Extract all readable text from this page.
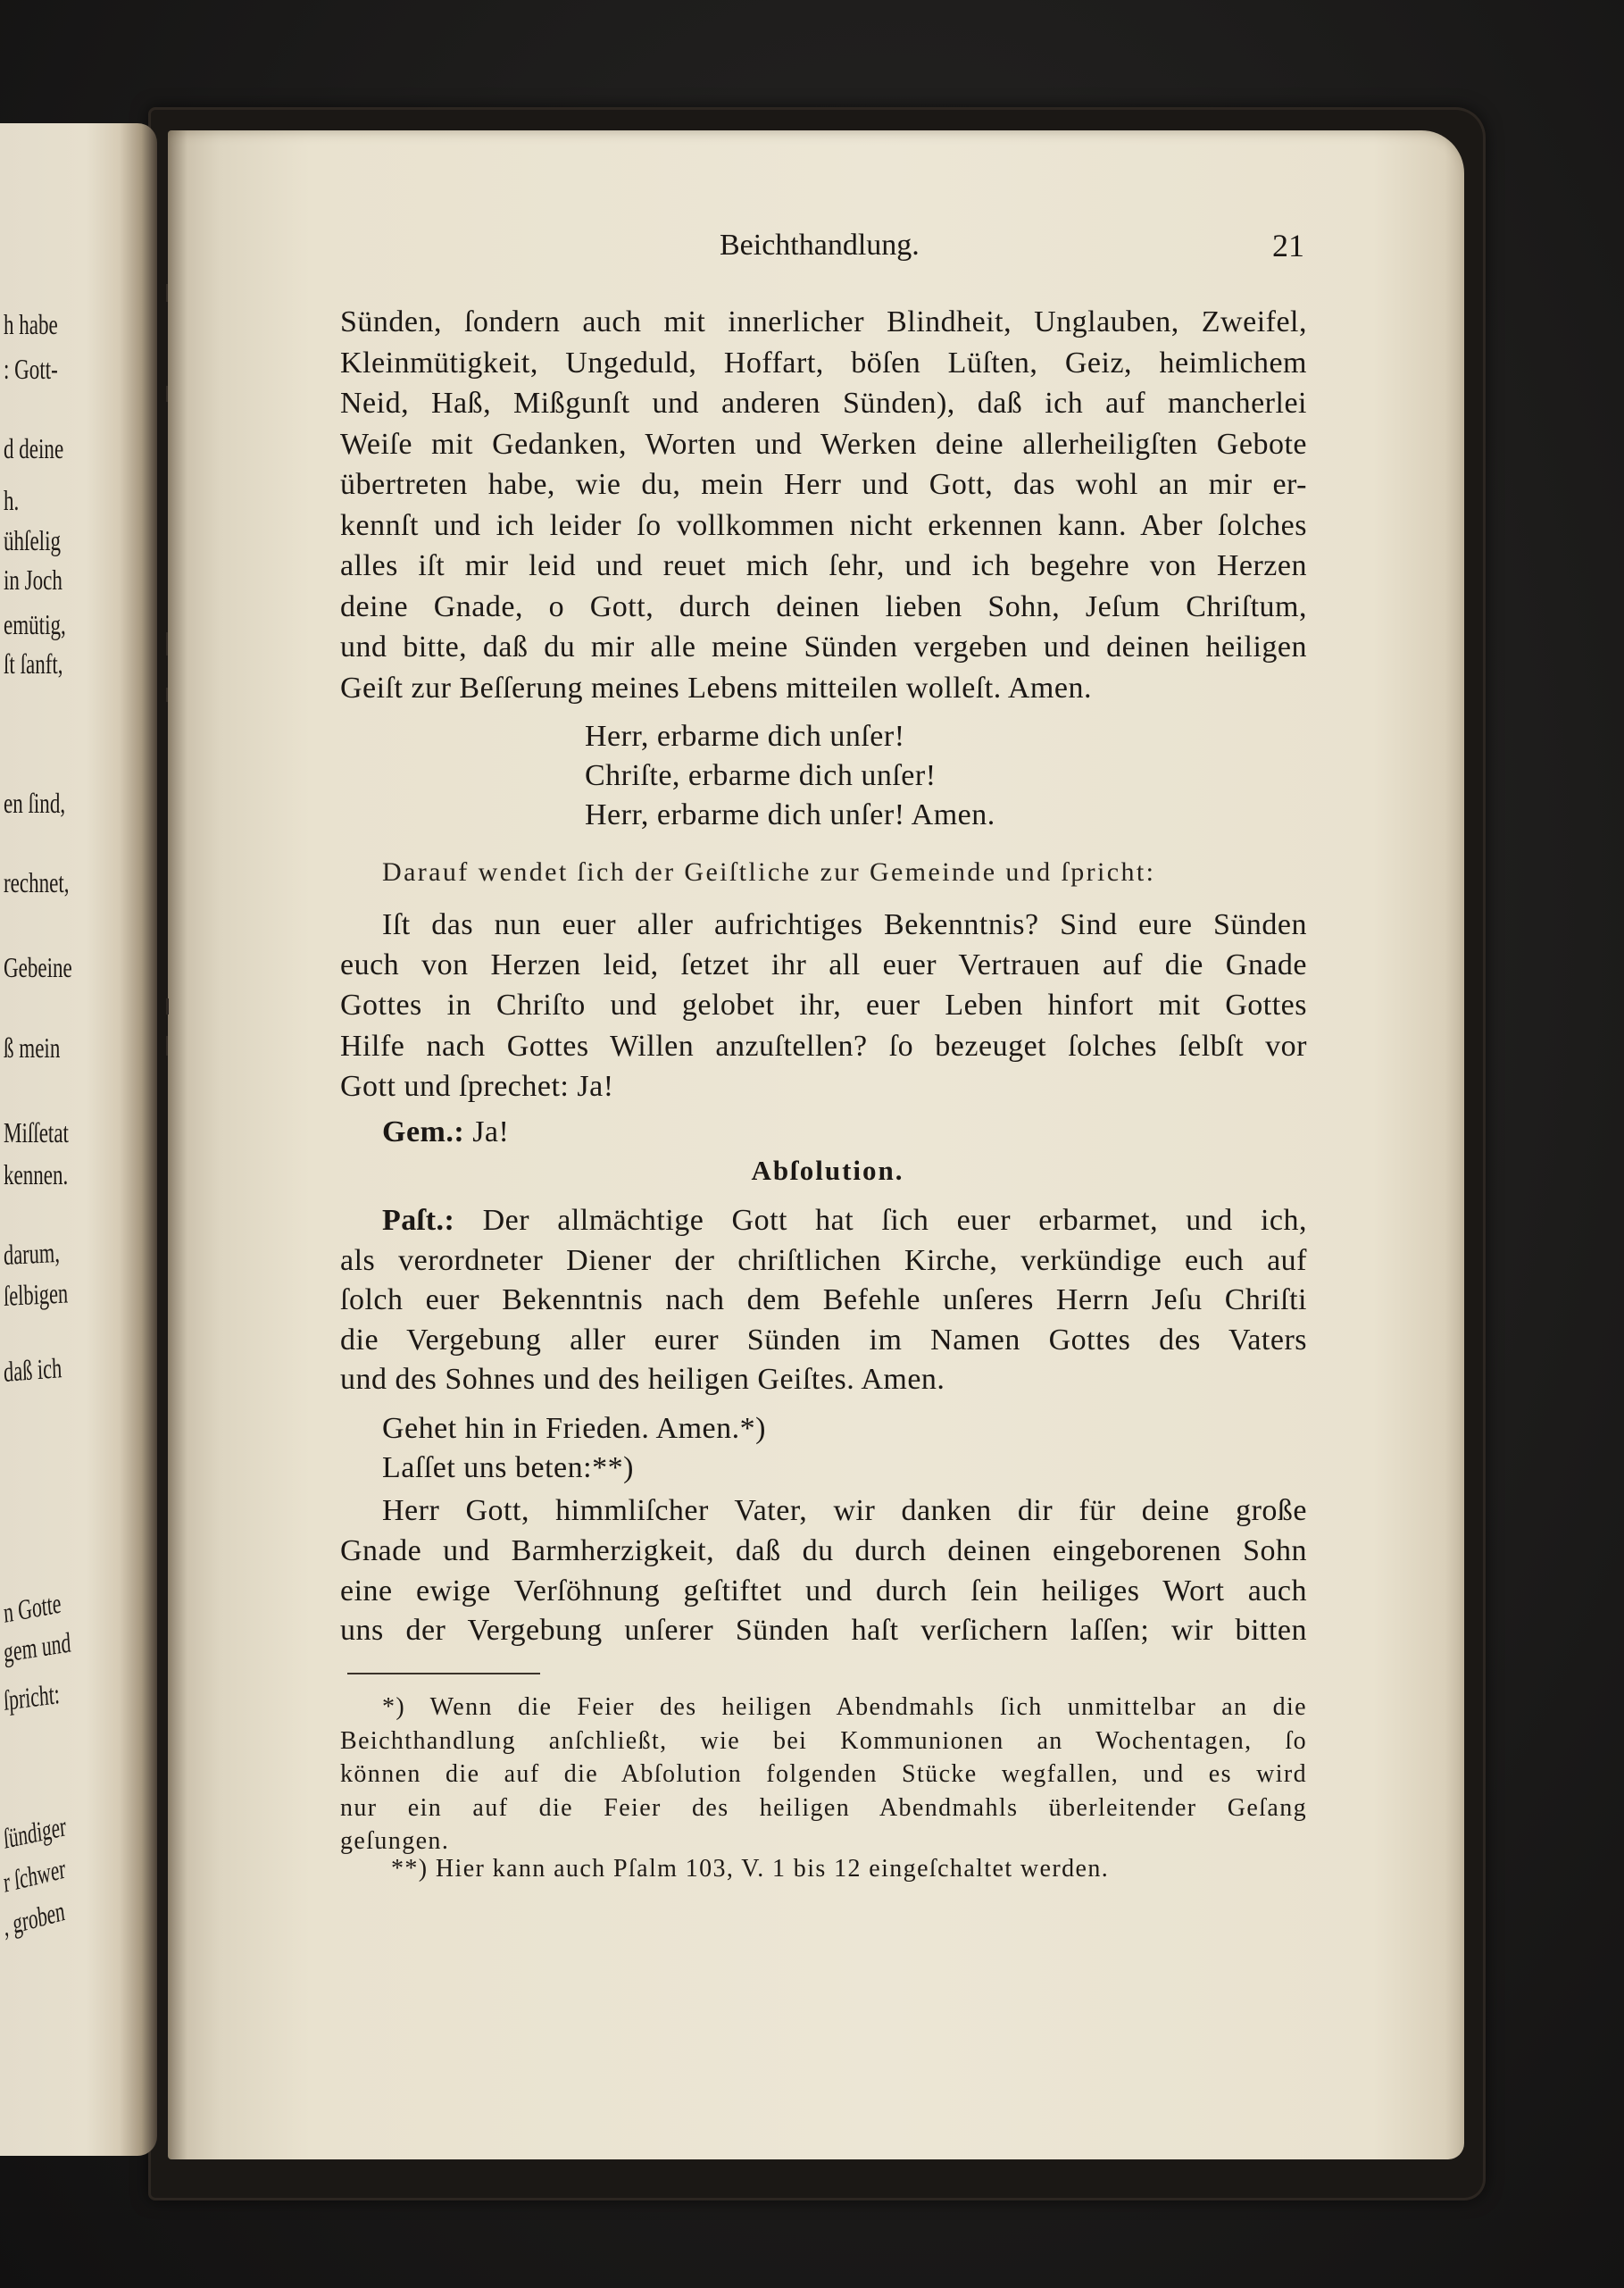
h habe
: Gott-
d deine
h.
ühſelig
in Joch
emütig,
ſt ſanft,
en ſind,
rechnet,
Gebeine
ß mein
Miſſetat
kennen.
darum,
ſelbigen
daß ich
n Gotte
gem und
ſpricht:
ſündiger
r ſchwer
, groben
Beichthandlung.	21
Sünden, ſondern auch mit innerlicher Blindheit, Unglauben, Zweifel,
Kleinmütigkeit, Ungeduld, Hoffart, böſen Lüſten, Geiz, heimlichem
Neid, Haß, Mißgunſt und anderen Sünden), daß ich auf mancherlei
Weiſe mit Gedanken, Worten und Werken deine allerheiligſten Gebote
übertreten habe, wie du, mein Herr und Gott, das wohl an mir er-
kennſt und ich leider ſo vollkommen nicht erkennen kann. Aber ſolches
alles iſt mir leid und reuet mich ſehr, und ich begehre von Herzen
deine Gnade, o Gott, durch deinen lieben Sohn, Jeſum Chriſtum,
und bitte, daß du mir alle meine Sünden vergeben und deinen heiligen
Geiſt zur Beſſerung meines Lebens mitteilen wolleſt. Amen.
Herr, erbarme dich unſer!
Chriſte, erbarme dich unſer!
Herr, erbarme dich unſer! Amen.
Darauf wendet ſich der Geiſtliche zur Gemeinde und ſpricht:
Iſt das nun euer aller aufrichtiges Bekenntnis? Sind eure Sünden
euch von Herzen leid, ſetzet ihr all euer Vertrauen auf die Gnade
Gottes in Chriſto und gelobet ihr, euer Leben hinfort mit Gottes
Hilfe nach Gottes Willen anzuſtellen? ſo bezeuget ſolches ſelbſt vor
Gott und ſprechet: Ja!
Gem.: Ja!
Abſolution.
Paſt.: Der allmächtige Gott hat ſich euer erbarmet, und ich,
als verordneter Diener der chriſtlichen Kirche, verkündige euch auf
ſolch euer Bekenntnis nach dem Befehle unſeres Herrn Jeſu Chriſti
die Vergebung aller eurer Sünden im Namen Gottes des Vaters
und des Sohnes und des heiligen Geiſtes. Amen.
Gehet hin in Frieden. Amen.*)
Laſſet uns beten:**)
Herr Gott, himmliſcher Vater, wir danken dir für deine große
Gnade und Barmherzigkeit, daß du durch deinen eingeborenen Sohn
eine ewige Verſöhnung geſtiftet und durch ſein heiliges Wort auch
uns der Vergebung unſerer Sünden haſt verſichern laſſen; wir bitten
*) Wenn die Feier des heiligen Abendmahls ſich unmittelbar an die
Beichthandlung anſchließt, wie bei Kommunionen an Wochentagen, ſo
können die auf die Abſolution folgenden Stücke wegfallen, und es wird
nur ein auf die Feier des heiligen Abendmahls überleitender Geſang
geſungen.
**) Hier kann auch Pſalm 103, V. 1 bis 12 eingeſchaltet werden.
